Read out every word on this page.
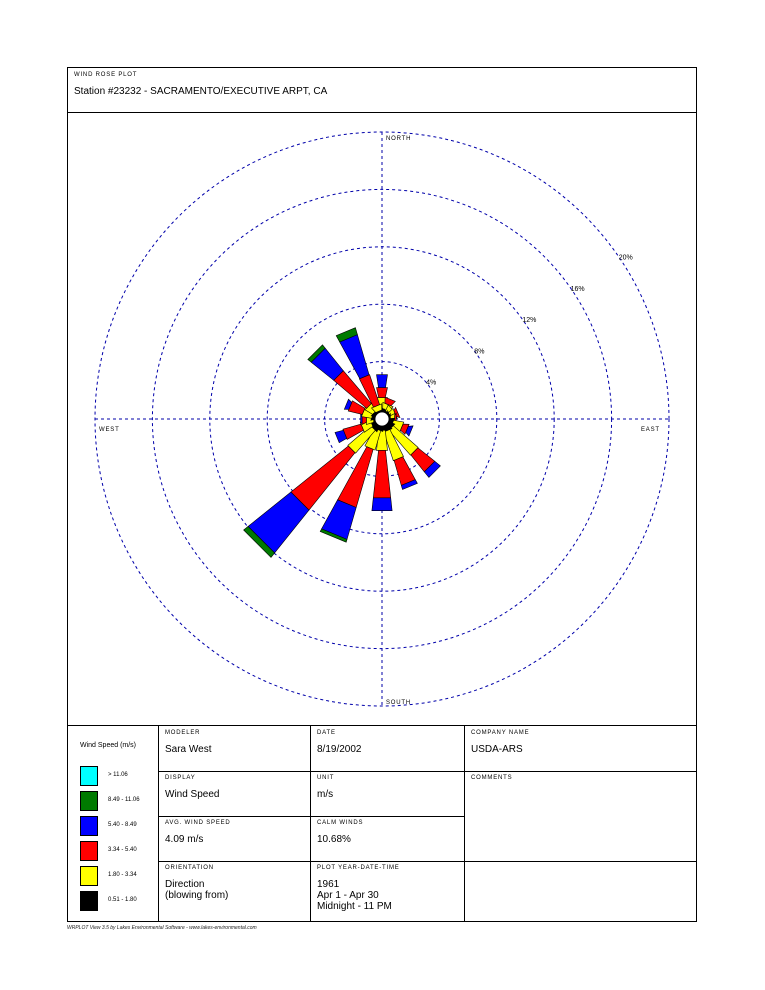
WIND ROSE PLOT
Station #23232 - SACRAMENTO/EXECUTIVE ARPT, CA
4%
8%
12%
16%
20%
NORTH
SOUTH
EAST
WEST
Wind Speed (m/s)
> 11.06
8.49 - 11.06
5.40 - 8.49
3.34 - 5.40
1.80 - 3.34
0.51 - 1.80
MODELER
Sara West
DISPLAY
Wind Speed
AVG. WIND SPEED
4.09 m/s
ORIENTATION
Direction
(blowing from)
DATE
8/19/2002
UNIT
m/s
CALM WINDS
10.68%
PLOT YEAR-DATE-TIME
1961
Apr 1 - Apr 30
Midnight - 11 PM
COMPANY NAME
USDA-ARS
COMMENTS
WRPLOT View 3.5 by Lakes Environmental Software - www.lakes-environmental.com
